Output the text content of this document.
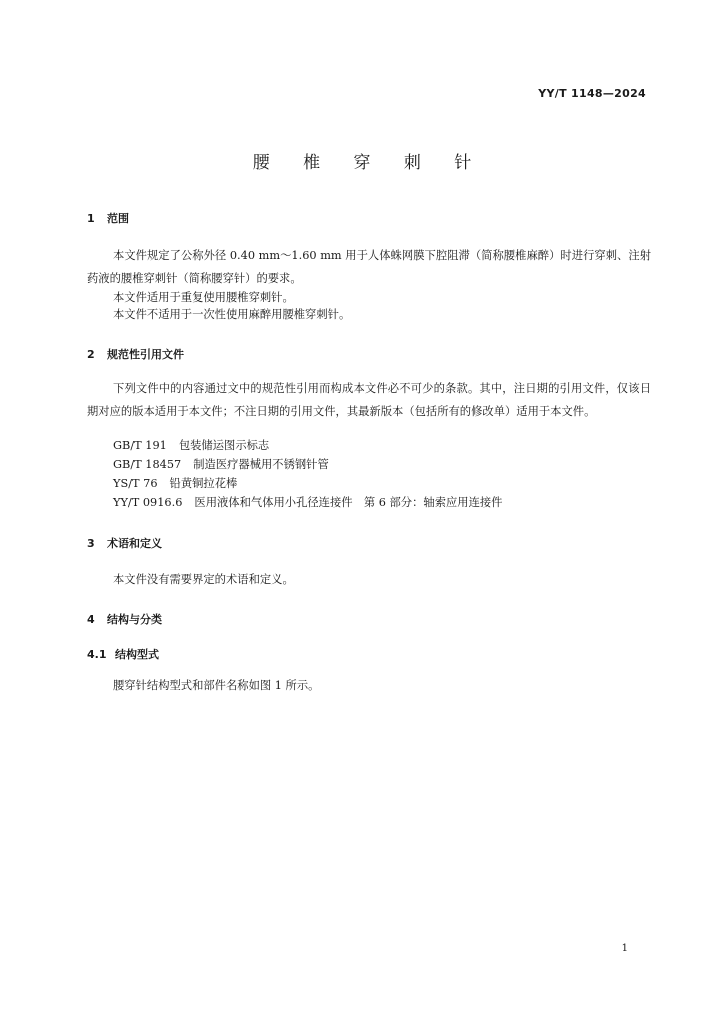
YY/T 1148—2024
腰 椎 穿 刺 针
1 范围
本文件规定了公称外径 0.40 mm～1.60 mm 用于人体蛛网膜下腔阻滞（简称腰椎麻醉）时进行穿刺、注射药液的腰椎穿刺针（简称腰穿针）的要求。
本文件适用于重复使用腰椎穿刺针。
本文件不适用于一次性使用麻醉用腰椎穿刺针。
2 规范性引用文件
下列文件中的内容通过文中的规范性引用而构成本文件必不可少的条款。其中，注日期的引用文件，仅该日期对应的版本适用于本文件；不注日期的引用文件，其最新版本（包括所有的修改单）适用于本文件。
GB/T 191 包装储运图示标志
GB/T 18457 制造医疗器械用不锈钢针管
YS/T 76 铅黄铜拉花棒
YY/T 0916.6 医用液体和气体用小孔径连接件　第 6 部分：轴索应用连接件
3 术语和定义
本文件没有需要界定的术语和定义。
4 结构与分类
4.1 结构型式
腰穿针结构型式和部件名称如图 1 所示。
1
